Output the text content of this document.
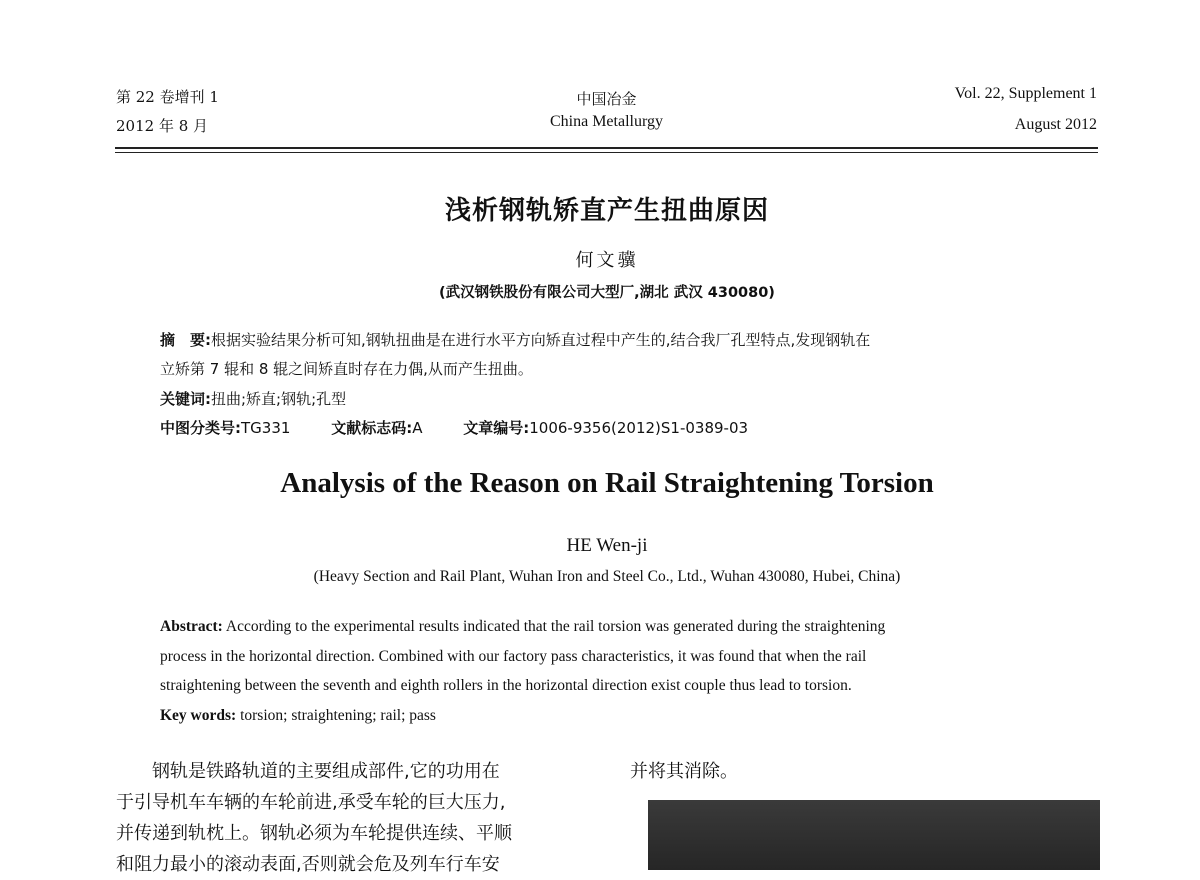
第 22 卷增刊 1
2012 年 8 月
中国冶金
China Metallurgy
Vol. 22, Supplement 1
August 2012
浅析钢轨矫直产生扭曲原因
何文骥
(武汉钢铁股份有限公司大型厂,湖北 武汉 430080)
摘　要:根据实验结果分析可知,钢轨扭曲是在进行水平方向矫直过程中产生的,结合我厂孔型特点,发现钢轨在
立矫第 7 辊和 8 辊之间矫直时存在力偶,从而产生扭曲。
关键词:扭曲;矫直;钢轨;孔型
中图分类号:TG331	文献标志码:A	文章编号:1006-9356(2012)S1-0389-03
Analysis of the Reason on Rail Straightening Torsion
HE Wen-ji
(Heavy Section and Rail Plant, Wuhan Iron and Steel Co., Ltd., Wuhan 430080, Hubei, China)
Abstract: According to the experimental results indicated that the rail torsion was generated during the straightening
process in the horizontal direction. Combined with our factory pass characteristics, it was found that when the rail
straightening between the seventh and eighth rollers in the horizontal direction exist couple thus lead to torsion.
Key words: torsion; straightening; rail; pass
钢轨是铁路轨道的主要组成部件,它的功用在
于引导机车车辆的车轮前进,承受车轮的巨大压力,
并传递到轨枕上。钢轨必须为车轮提供连续、平顺
和阻力最小的滚动表面,否则就会危及列车行车安
并将其消除。
